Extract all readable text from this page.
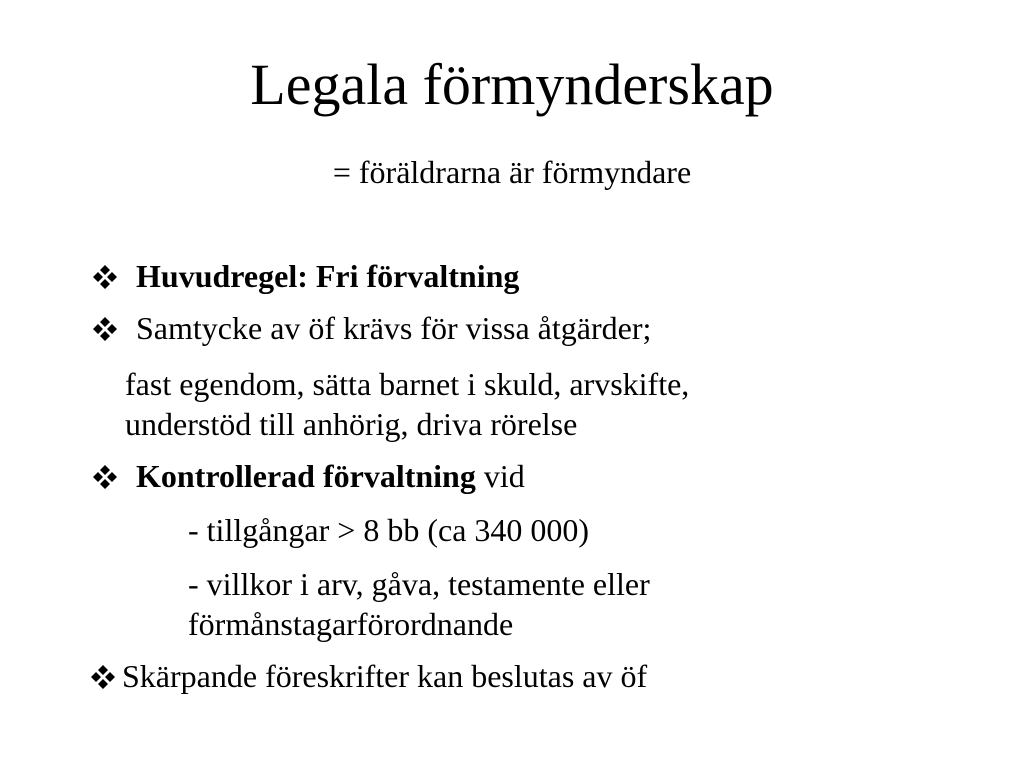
Legala förmynderskap
= föräldrarna är förmyndare
Huvudregel: Fri förvaltning
Samtycke av öf krävs för vissa åtgärder;
fast egendom, sätta barnet i skuld, arvskifte,
understöd till anhörig, driva rörelse
Kontrollerad förvaltning vid
- tillgångar > 8 bb (ca 340 000)
- villkor i arv, gåva, testamente eller
förmånstagarförordnande
Skärpande föreskrifter kan beslutas av öf
